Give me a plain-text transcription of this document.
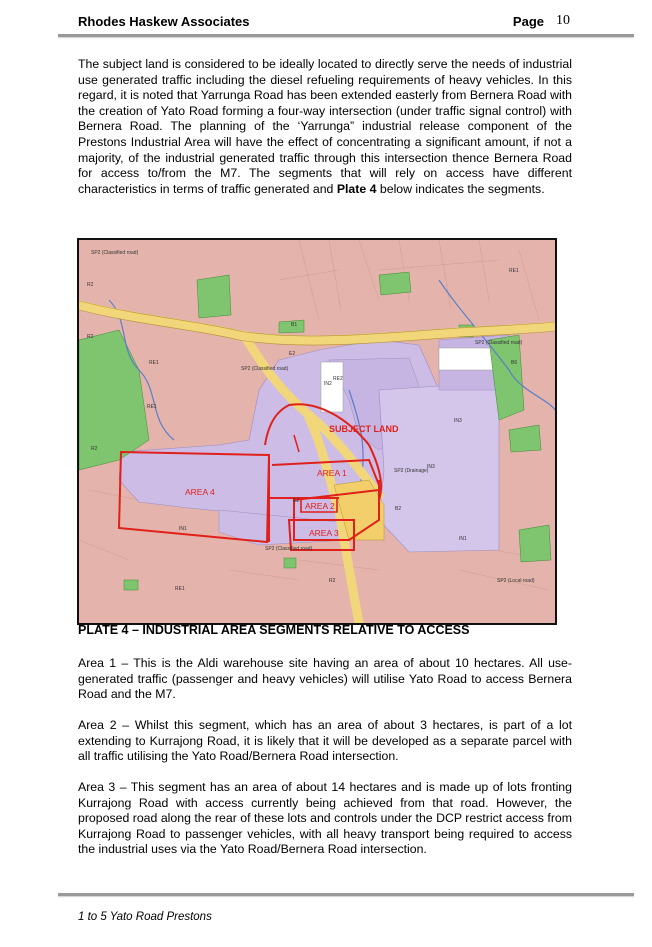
Rhodes Haskew Associates	Page 10

The subject land is considered to be ideally located to directly serve the needs of industrial use generated traffic including the diesel refueling requirements of heavy vehicles. In this regard, it is noted that Yarrunga Road has been extended easterly from Bernera Road with the creation of Yato Road forming a four-way intersection (under traffic signal control) with Bernera Road. The planning of the ‘Yarrunga” industrial release component of the Prestons Industrial Area will have the effect of concentrating a significant amount, if not a majority, of the industrial generated traffic through this intersection thence Bernera Road for access to/from the M7. The segments that will rely on access have different characteristics in terms of traffic generated and Plate 4 below indicates the segments.

SUBJECT LAND
AREA 1
AREA 2
AREA 3
AREA 4
SP2 (Classified road)
RE1
R2
IN1
IN2
IN3
SP2 (Classified road)
B1
B6
E2
SP2 (Drainage)
SP2 (Classified road)
RE1
RE2
IN1
IN3
R2
B2
SP2 (Classified road)
E2
RE1
R2	SP2 (Local road)
R2
RE1
PLATE 4 – INDUSTRIAL AREA SEGMENTS RELATIVE TO ACCESS

Area 1 – This is the Aldi warehouse site having an area of about 10 hectares. All use-generated traffic (passenger and heavy vehicles) will utilise Yato Road to access Bernera Road and the M7.

Area 2 – Whilst this segment, which has an area of about 3 hectares, is part of a lot extending to Kurrajong Road, it is likely that it will be developed as a separate parcel with all traffic utilising the Yato Road/Bernera Road intersection.

Area 3 – This segment has an area of about 14 hectares and is made up of lots fronting Kurrajong Road with access currently being achieved from that road. However, the proposed road along the rear of these lots and controls under the DCP restrict access from Kurrajong Road to passenger vehicles, with all heavy transport being required to access the industrial uses via the Yato Road/Bernera Road intersection.

1 to 5 Yato Road Prestons
